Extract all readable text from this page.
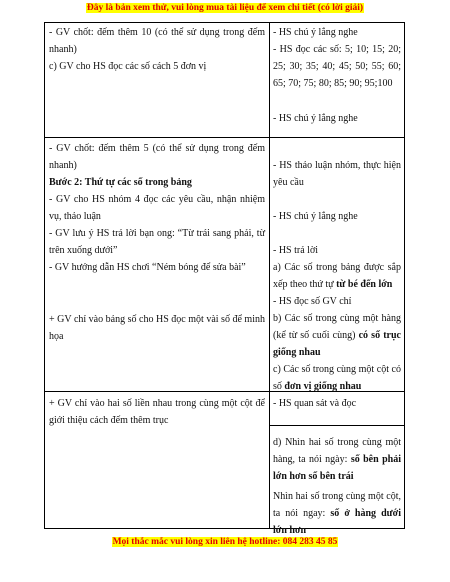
Đây là bản xem thử, vui lòng mua tài liệu để xem chi tiết (có lời giải)
- GV chốt: đếm thêm 10 (có thể sử dụng trong đếm nhanh)
c) GV cho HS đọc các số cách 5 đơn vị
- GV chốt: đếm thêm 5 (có thể sử dụng trong đếm nhanh)
Bước 2: Thứ tự các số trong bảng
- GV cho HS nhóm 4 đọc các yêu cầu, nhận nhiệm vụ, thảo luận
- GV lưu ý HS trả lời bạn ong: “Từ trái sang phải, từ trên xuống dưới”
- GV hướng dẫn HS chơi “Ném bóng để sửa bài”
+ GV chỉ vào bảng số cho HS đọc một vài số để minh họa
+ GV chỉ vào hai số liền nhau trong cùng một cột để giới thiệu cách đếm thêm trục
- HS chú ý lắng nghe
- HS đọc các số: 5; 10; 15; 20; 25; 30; 35; 40; 45; 50; 55; 60; 65; 70; 75; 80; 85; 90; 95;100
- HS chú ý lắng nghe
- HS thảo luận nhóm, thực hiện yêu cầu
- HS chú ý lắng nghe
- HS trả lời
a) Các số trong bảng được sắp xếp theo thứ tự từ bé đến lớn
- HS đọc số GV chỉ
b) Các số trong cùng một hàng (kể từ số cuối cùng) có số trục giống nhau
c) Các số trong cùng một cột có số đơn vị giống nhau
- HS quan sát và đọc
d) Nhìn hai số trong cùng một hàng, ta nói ngày: số bên phải lớn hơn số bên trái
Nhìn hai số trong cùng một cột, ta nói ngay: số ở hàng dưới lớn hơn
Mọi thắc mắc vui lòng xin liên hệ hotline: 084 283 45 85
